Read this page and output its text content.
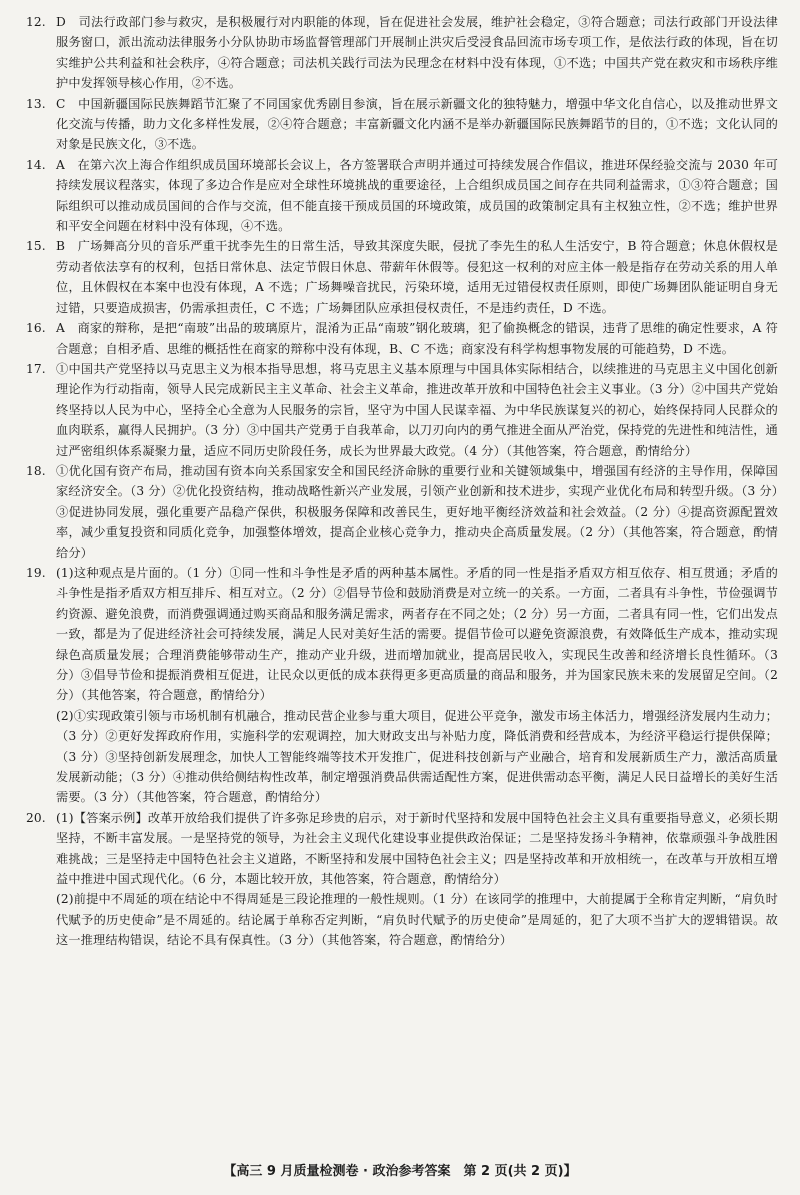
12. D　司法行政部门参与救灾，是积极履行对内职能的体现，旨在促进社会发展，维护社会稳定，③符合题意；司法行政部门开设法律服务窗口，派出流动法律服务小分队协助市场监督管理部门开展制止洪灾后受浸食品回流市场专项工作，是依法行政的体现，旨在切实维护公共利益和社会秩序，④符合题意；司法机关践行司法为民理念在材料中没有体现，①不选；中国共产党在救灾和市场秩序维护中发挥领导核心作用，②不选。
13. C　中国新疆国际民族舞蹈节汇聚了不同国家优秀剧目参演，旨在展示新疆文化的独特魅力，增强中华文化自信心，以及推动世界文化交流与传播，助力文化多样性发展，②④符合题意；丰富新疆文化内涵不是举办新疆国际民族舞蹈节的目的，①不选；文化认同的对象是民族文化，③不选。
14. A　在第六次上海合作组织成员国环境部长会议上，各方签署联合声明并通过可持续发展合作倡议，推进环保经验交流与 2030 年可持续发展议程落实，体现了多边合作是应对全球性环境挑战的重要途径，上合组织成员国之间存在共同利益需求，①③符合题意；国际组织可以推动成员国间的合作与交流，但不能直接干预成员国的环境政策，成员国的政策制定具有主权独立性，②不选；维护世界和平安全问题在材料中没有体现，④不选。
15. B　广场舞高分贝的音乐严重干扰李先生的日常生活，导致其深度失眠，侵扰了李先生的私人生活安宁，B 符合题意；休息休假权是劳动者依法享有的权利，包括日常休息、法定节假日休息、带薪年休假等。侵犯这一权利的对应主体一般是指存在劳动关系的用人单位，且休假权在本案中也没有体现，A 不选；广场舞噪音扰民，污染环境，适用无过错侵权责任原则，即使广场舞团队能证明自身无过错，只要造成损害，仍需承担责任，C 不选；广场舞团队应承担侵权责任，不是违约责任，D 不选。
16. A　商家的辩称，是把“南玻”出品的玻璃原片，混淆为正品“南玻”钢化玻璃，犯了偷换概念的错误，违背了思维的确定性要求，A 符合题意；自相矛盾、思维的概括性在商家的辩称中没有体现，B、C 不选；商家没有科学构想事物发展的可能趋势，D 不选。
17. ①中国共产党坚持以马克思主义为根本指导思想，将马克思主义基本原理与中国具体实际相结合，以续推进的马克思主义中国化创新理论作为行动指南，领导人民完成新民主主义革命、社会主义革命，推进改革开放和中国特色社会主义事业。（3 分）②中国共产党始终坚持以人民为中心，坚持全心全意为人民服务的宗旨，坚守为中国人民谋幸福、为中华民族谋复兴的初心，始终保持同人民群众的血肉联系，赢得人民拥护。（3 分）③中国共产党勇于自我革命，以刀刃向内的勇气推进全面从严治党，保持党的先进性和纯洁性，通过严密组织体系凝聚力量，适应不同历史阶段任务，成长为世界最大政党。（4 分）（其他答案，符合题意，酌情给分）
18. ①优化国有资产布局，推动国有资本向关系国家安全和国民经济命脉的重要行业和关键领域集中，增强国有经济的主导作用，保障国家经济安全。（3 分）②优化投资结构，推动战略性新兴产业发展，引领产业创新和技术进步，实现产业优化布局和转型升级。（3 分）③促进协同发展，强化重要产品稳产保供，积极服务保障和改善民生，更好地平衡经济效益和社会效益。（2 分）④提高资源配置效率，减少重复投资和同质化竞争，加强整体增效，提高企业核心竞争力，推动央企高质量发展。（2 分）（其他答案，符合题意，酌情给分）
19. (1)这种观点是片面的。（1 分）①同一性和斗争性是矛盾的两种基本属性。矛盾的同一性是指矛盾双方相互依存、相互贯通；矛盾的斗争性是指矛盾双方相互排斥、相互对立。（2 分）②倡导节俭和鼓励消费是对立统一的关系。一方面，二者具有斗争性，节俭强调节约资源、避免浪费，而消费强调通过购买商品和服务满足需求，两者存在不同之处；（2 分）另一方面，二者具有同一性，它们出发点一致，都是为了促进经济社会可持续发展，满足人民对美好生活的需要。提倡节俭可以避免资源浪费，有效降低生产成本，推动实现绿色高质量发展；合理消费能够带动生产，推动产业升级，进而增加就业，提高居民收入，实现民生改善和经济增长良性循环。（3 分）③倡导节俭和提振消费相互促进，让民众以更低的成本获得更多更高质量的商品和服务，并为国家民族未来的发展留足空间。（2 分）（其他答案，符合题意，酌情给分）
(2)①实现政策引领与市场机制有机融合，推动民营企业参与重大项目，促进公平竞争，激发市场主体活力，增强经济发展内生动力；（3 分）②更好发挥政府作用，实施科学的宏观调控，加大财政支出与补贴力度，降低消费和经营成本，为经济平稳运行提供保障；（3 分）③坚持创新发展理念，加快人工智能终端等技术开发推广，促进科技创新与产业融合，培育和发展新质生产力，激活高质量发展新动能；（3 分）④推动供给侧结构性改革，制定增强消费品供需适配性方案，促进供需动态平衡，满足人民日益增长的美好生活需要。（3 分）（其他答案，符合题意，酌情给分）
20. (1)【答案示例】改革开放给我们提供了许多弥足珍贵的启示，对于新时代坚持和发展中国特色社会主义具有重要指导意义，必须长期坚持，不断丰富发展。一是坚持党的领导，为社会主义现代化建设事业提供政治保证；二是坚持发扬斗争精神，依靠顽强斗争战胜困难挑战；三是坚持走中国特色社会主义道路，不断坚持和发展中国特色社会主义；四是坚持改革和开放相统一，在改革与开放相互增益中推进中国式现代化。（6 分，本题比较开放，其他答案，符合题意，酌情给分）
(2)前提中不周延的项在结论中不得周延是三段论推理的一般性规则。（1 分）在该同学的推理中，大前提属于全称肯定判断，“肩负时代赋予的历史使命”是不周延的。结论属于单称否定判断，“肩负时代赋予的历史使命”是周延的，犯了大项不当扩大的逻辑错误。故这一推理结构错误，结论不具有保真性。（3 分）（其他答案，符合题意，酌情给分）
【高三 9 月质量检测卷 · 政治参考答案　第 2 页(共 2 页)】
